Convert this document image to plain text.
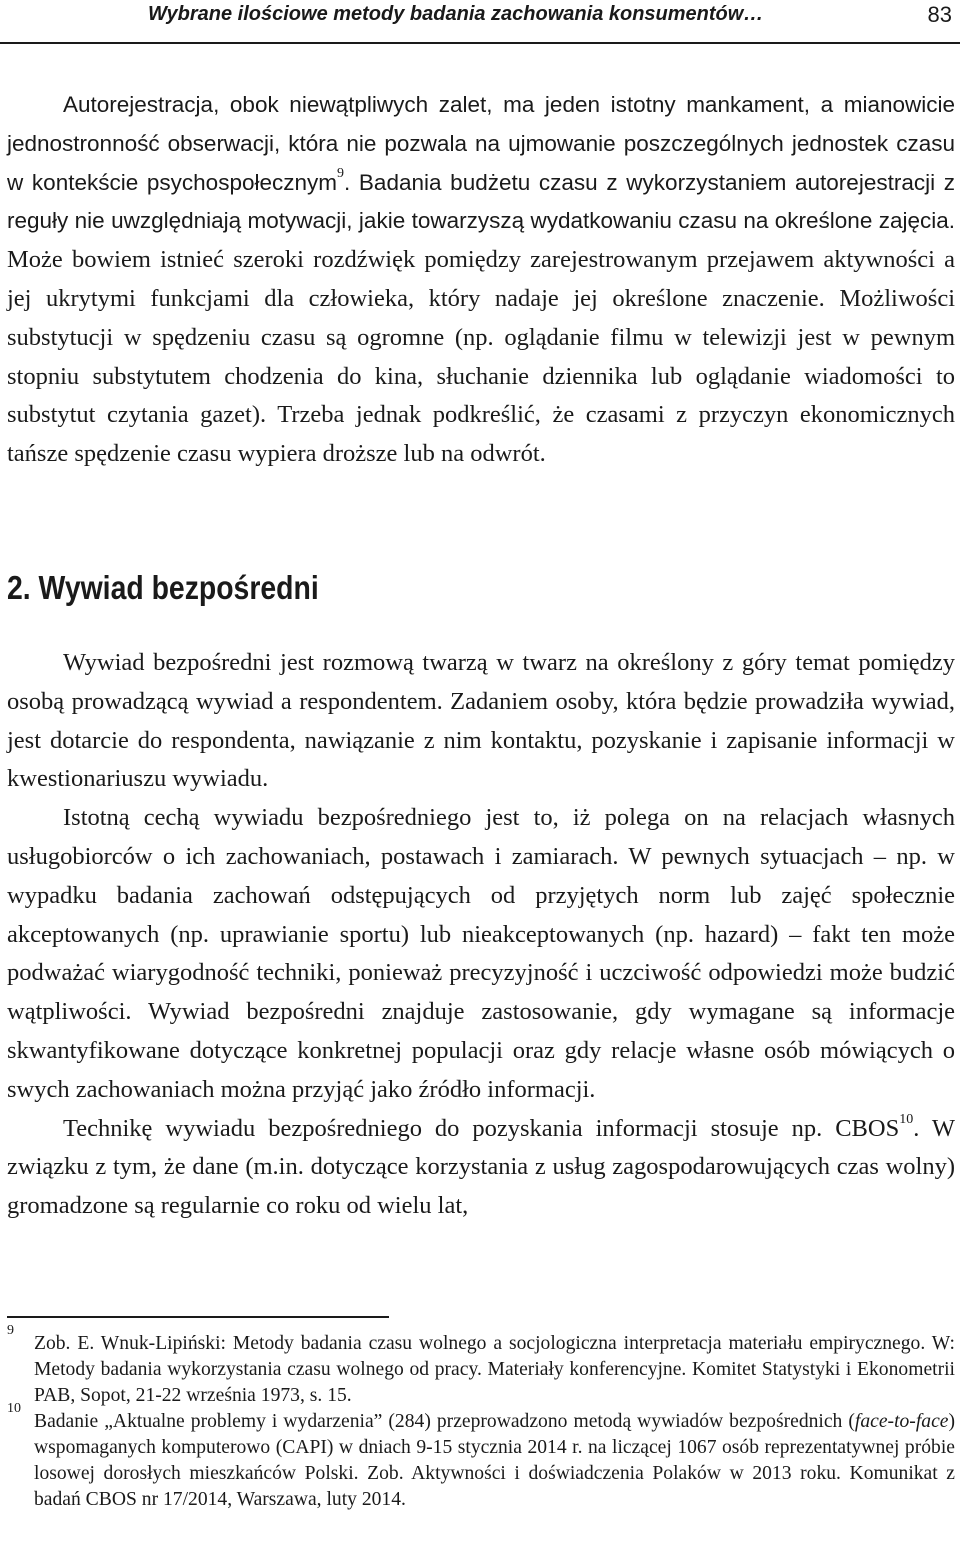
Wybrane ilościowe metody badania zachowania konsumentów…	83

Autorejestracja, obok niewątpliwych zalet, ma jeden istotny mankament, a mianowicie jednostronność obserwacji, która nie pozwala na ujmowanie poszczególnych jednostek czasu w kontekście psychospołecznym$^9$. Badania budżetu czasu z wykorzystaniem autorejestracji z reguły nie uwzględniają motywacji, jakie towarzyszą wydatkowaniu czasu na określone zajęcia. Może bowiem istnieć szeroki rozdźwięk pomiędzy zarejestrowanym przejawem aktywności a jej ukrytymi funkcjami dla człowieka, który nadaje jej określone znaczenie. Możliwości substytucji w spędzeniu czasu są ogromne (np. oglądanie filmu w telewizji jest w pewnym stopniu substytutem chodzenia do kina, słuchanie dziennika lub oglądanie wiadomości to substytut czytania gazet). Trzeba jednak podkreślić, że czasami z przyczyn ekonomicznych tańsze spędzenie czasu wypiera droższe lub na odwrót.

2. Wywiad bezpośredni

Wywiad bezpośredni jest rozmową twarzą w twarz na określony z góry temat pomiędzy osobą prowadzącą wywiad a respondentem. Zadaniem osoby, która będzie prowadziła wywiad, jest dotarcie do respondenta, nawiązanie z nim kontaktu, pozyskanie i zapisanie informacji w kwestionariuszu wywiadu.

Istotną cechą wywiadu bezpośredniego jest to, iż polega on na relacjach własnych usługobiorców o ich zachowaniach, postawach i zamiarach. W pewnych sytuacjach – np. w wypadku badania zachowań odstępujących od przyjętych norm lub zajęć społecznie akceptowanych (np. uprawianie sportu) lub nieakceptowanych (np. hazard) – fakt ten może podważać wiarygodność techniki, ponieważ precyzyjność i uczciwość odpowiedzi może budzić wątpliwości. Wywiad bezpośredni znajduje zastosowanie, gdy wymagane są informacje skwantyfikowane dotyczące konkretnej populacji oraz gdy relacje własne osób mówiących o swych zachowaniach można przyjąć jako źródło informacji.

Technikę wywiadu bezpośredniego do pozyskania informacji stosuje np. CBOS$^{10}$. W związku z tym, że dane (m.in. dotyczące korzystania z usług zagospodarowujących czas wolny) gromadzone są regularnie co roku od wielu lat,

9
Zob. E. Wnuk-Lipiński: Metody badania czasu wolnego a socjologiczna interpretacja materiału empirycznego. W: Metody badania wykorzystania czasu wolnego od pracy. Materiały konferencyjne. Komitet Statystyki i Ekonometrii PAB, Sopot, 21-22 września 1973, s. 15.
10
Badanie „Aktualne problemy i wydarzenia” (284) przeprowadzono metodą wywiadów bezpośrednich (face-to-face) wspomaganych komputerowo (CAPI) w dniach 9-15 stycznia 2014 r. na liczącej 1067 osób reprezentatywnej próbie losowej dorosłych mieszkańców Polski. Zob. Aktywności i doświadczenia Polaków w 2013 roku. Komunikat z badań CBOS nr 17/2014, Warszawa, luty 2014.
